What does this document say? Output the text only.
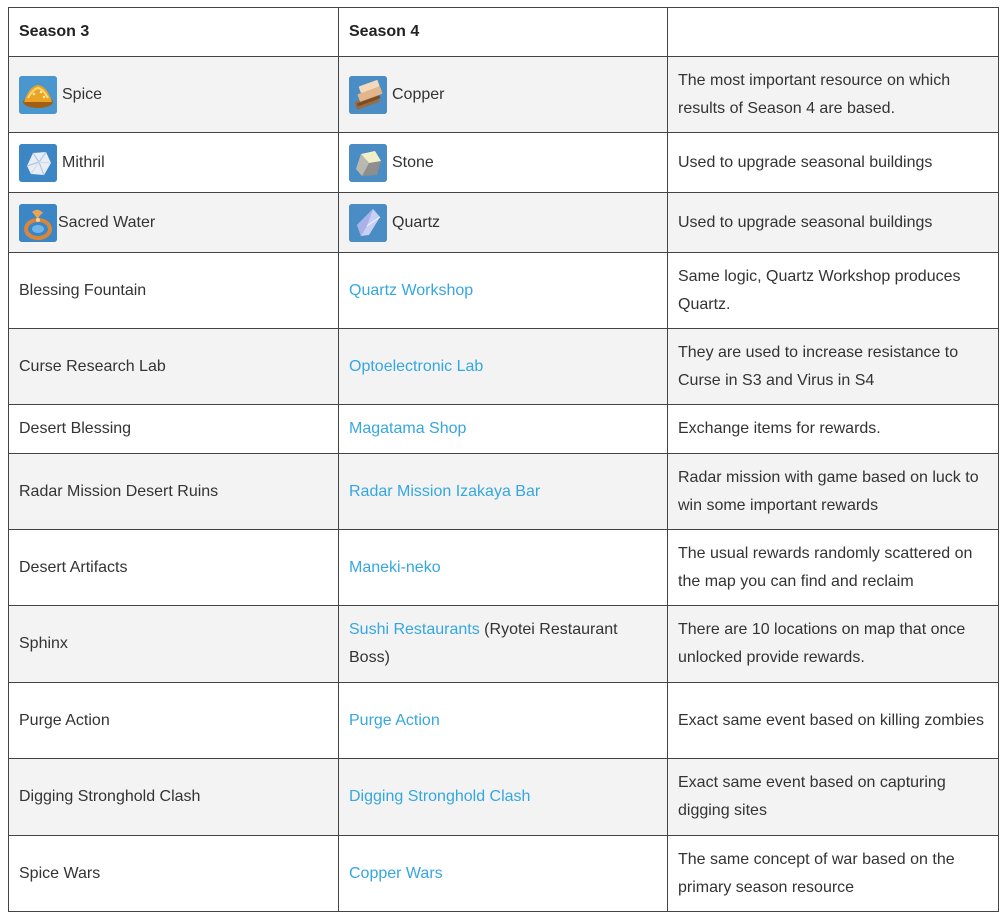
Season 3	Season 4	

Spice	Copper	The most important resource on which results of Season 4 are based.

Mithril	Stone	Used to upgrade seasonal buildings

Sacred Water	Quartz	Used to upgrade seasonal buildings
Blessing Fountain	Quartz Workshop	Same logic, Quartz Workshop produces Quartz.
Curse Research Lab	Optoelectronic Lab	They are used to increase resistance to Curse in S3 and Virus in S4
Desert Blessing	Magatama Shop	Exchange items for rewards.
Radar Mission Desert Ruins	Radar Mission Izakaya Bar	Radar mission with game based on luck to win some important rewards
Desert Artifacts	Maneki-neko	The usual rewards randomly scattered on the map you can find and reclaim
Sphinx	Sushi Restaurants (Ryotei Restaurant Boss)	There are 10 locations on map that once unlocked provide rewards.
Purge Action	Purge Action	Exact same event based on killing zombies
Digging Stronghold Clash	Digging Stronghold Clash	Exact same event based on capturing digging sites
Spice Wars	Copper Wars	The same concept of war based on the primary season resource
